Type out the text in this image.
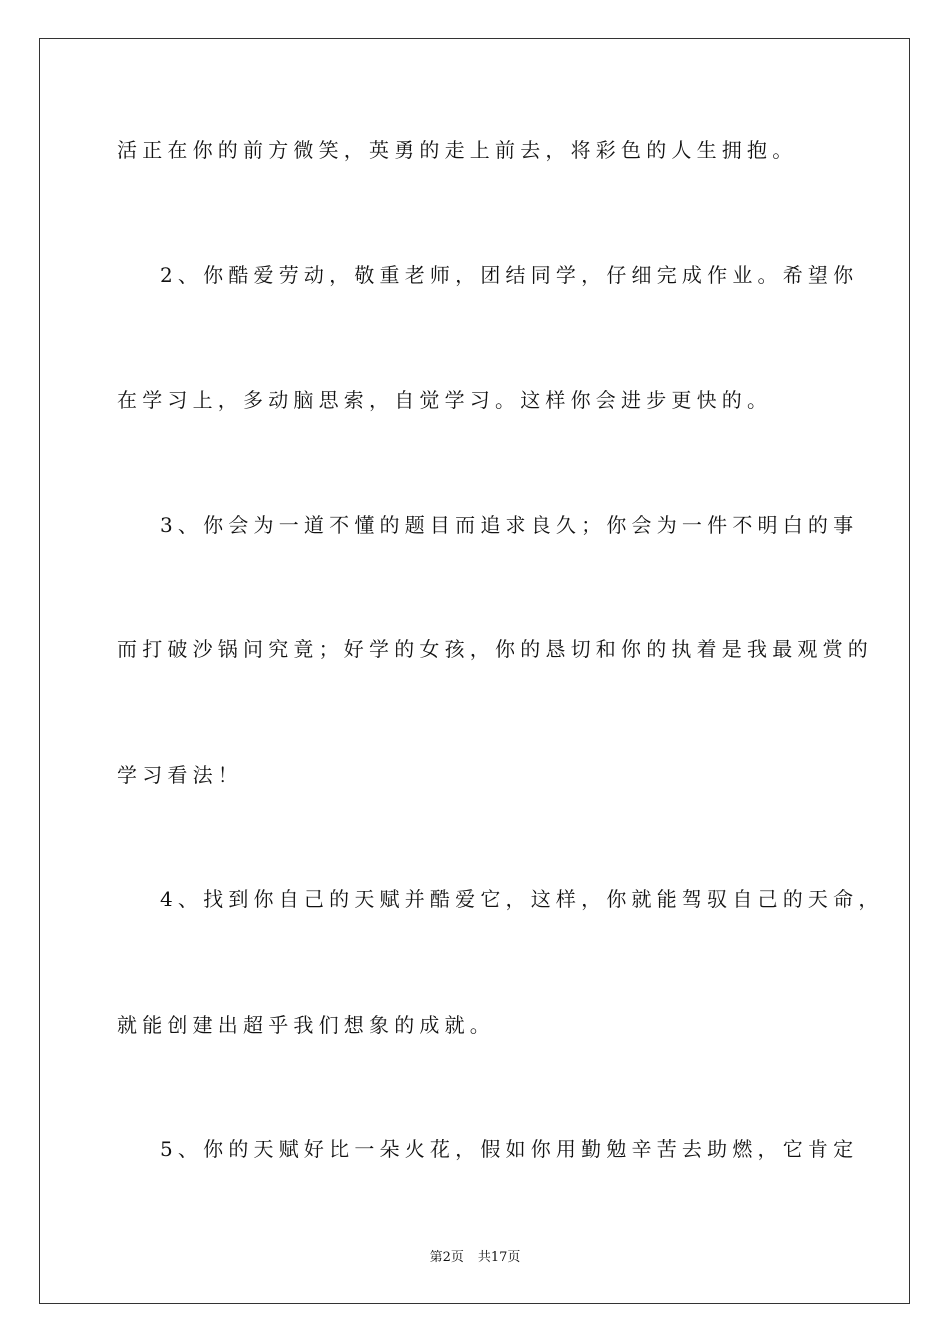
活正在你的前方微笑，英勇的走上前去，将彩色的人生拥抱。
2、你酷爱劳动，敬重老师，团结同学，仔细完成作业。希望你
在学习上，多动脑思索，自觉学习。这样你会进步更快的。
3、你会为一道不懂的题目而追求良久；你会为一件不明白的事
而打破沙锅问究竟；好学的女孩，你的恳切和你的执着是我最观赏的
学习看法！
4、找到你自己的天赋并酷爱它，这样，你就能驾驭自己的天命，
就能创建出超乎我们想象的成就。
5、你的天赋好比一朵火花，假如你用勤勉辛苦去助燃，它肯定
第2页 共17页
